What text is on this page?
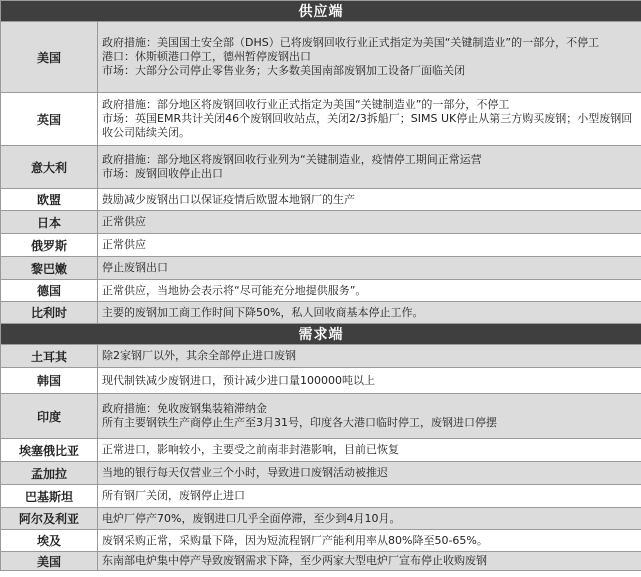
供应端	
美国	政府措施：美国国土安全部（DHS）已将废钢回收行业正式指定为美国“关键制造业”的一部分，不停工
港口：休斯顿港口停工，德州暂停废钢出口
市场：大部分公司停止零售业务；大多数美国南部废钢加工设备厂面临关闭

英国	政府措施：部分地区将废钢回收行业正式指定为美国“关键制造业”的一部分，不停工
市场：英国EMR共计关闭46个废钢回收站点，关闭2/3拆船厂；SIMS UK停止从第三方购买废钢；小型废钢回收公司陆续关闭。

意大利	政府措施：部分地区将废钢回收行业列为“关键制造业，疫情停工期间正常运营
市场：废钢回收停止出口

欧盟	鼓励减少废钢出口以保证疫情后欧盟本地钢厂的生产

日本	正常供应

俄罗斯	正常供应

黎巴嫩	停止废钢出口

德国	正常供应，当地协会表示将“尽可能充分地提供服务”。

比利时	主要的废钢加工商工作时间下降50%，私人回收商基本停止工作。

需求端	
土耳其	除2家钢厂以外，其余全部停止进口废钢

韩国	现代制铁减少废钢进口，预计减少进口量100000吨以上

印度	政府措施：免收废钢集装箱滞纳金
所有主要钢铁生产商停止生产至3月31号，印度各大港口临时停工，废钢进口停摆

埃塞俄比亚	正常进口，影响较小，主要受之前南非封港影响，目前已恢复

孟加拉	当地的银行每天仅营业三个小时，导致进口废钢活动被推迟

巴基斯坦	所有钢厂关闭，废钢停止进口

阿尔及利亚	电炉厂停产70%，废钢进口几乎全面停滞，至少到4月10月。

埃及	废钢采购正常，采购量下降，因为短流程钢厂产能利用率从80%降至50-65%。

美国	东南部电炉集中停产导致废钢需求下降，至少两家大型电炉厂宣布停止收购废钢
